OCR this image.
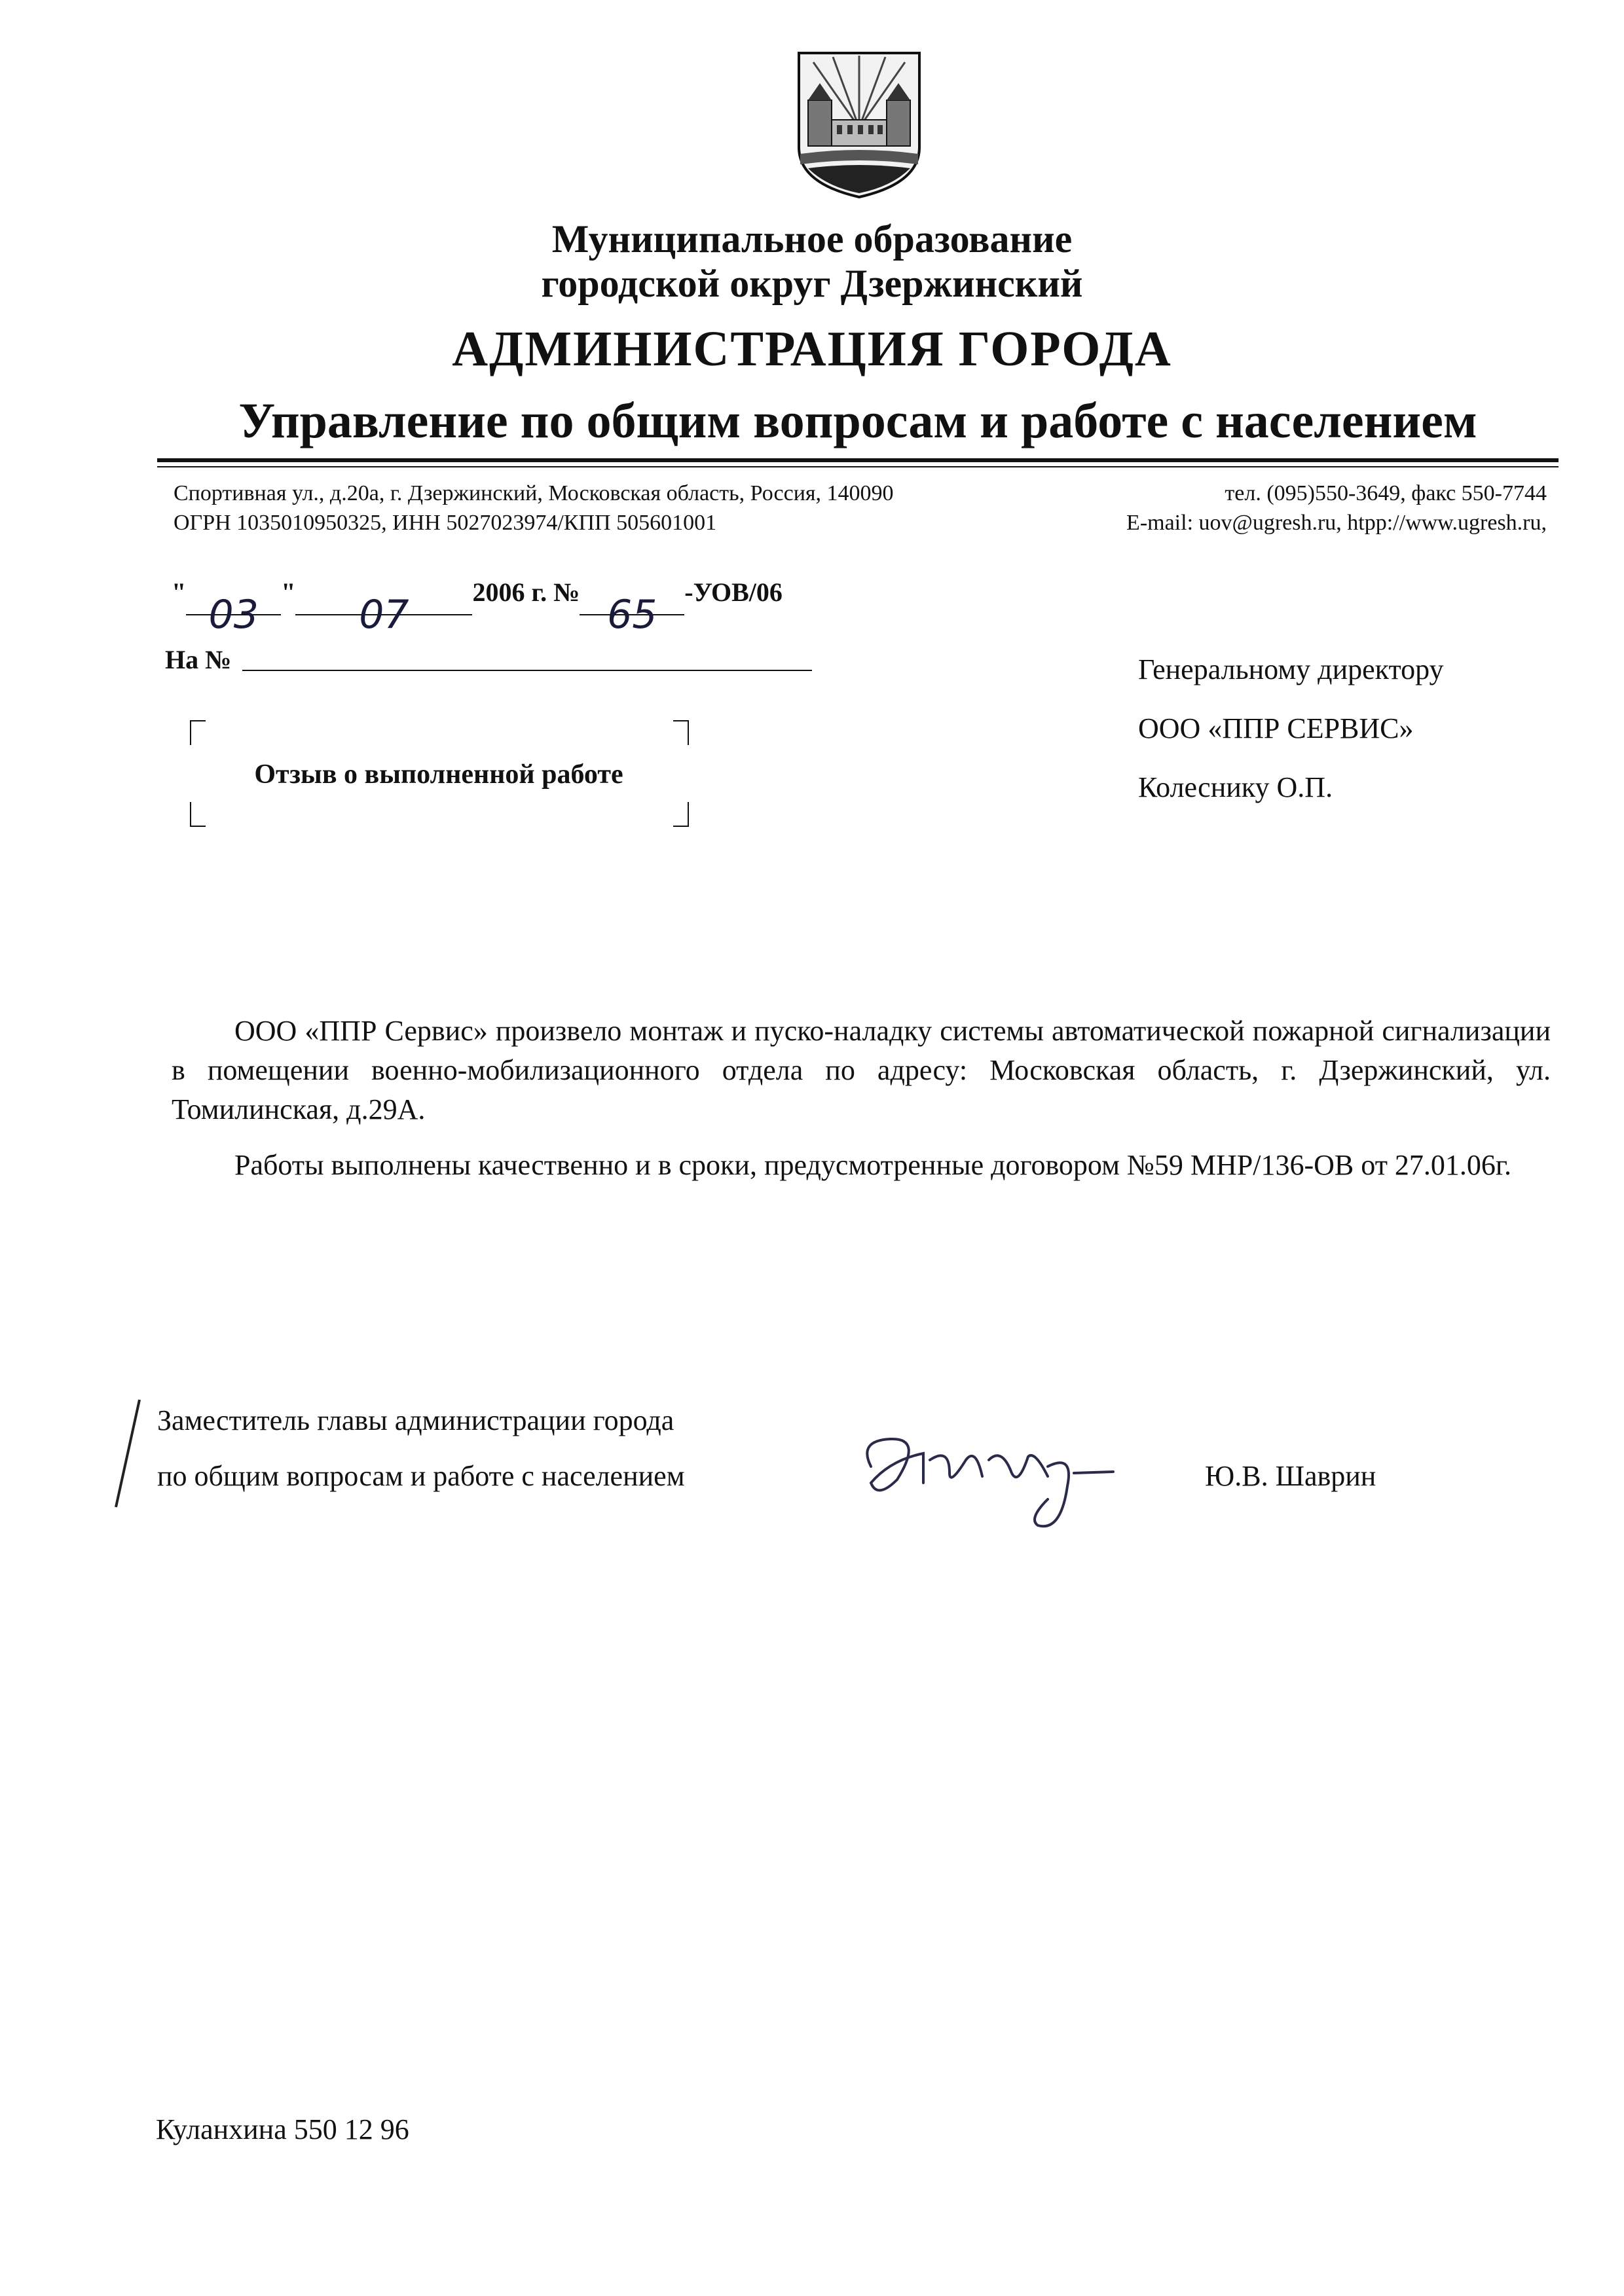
Муниципальное образование
городской округ Дзержинский
АДМИНИСТРАЦИЯ ГОРОДА
Управление по общим вопросам и работе с населением
Спортивная ул., д.20а, г. Дзержинский, Московская область, Россия, 140090
ОГРН 1035010950325, ИНН 5027023974/КПП 505601001
тел. (095)550-3649, факс 550-7744
E-mail: uov@ugresh.ru, htpp://www.ugresh.ru,
" 03 " 07 2006 г. № 65 -УОВ/06
На №
Отзыв о выполненной работе
Генеральному директору
ООО «ППР СЕРВИС»
Колеснику О.П.
ООО «ППР Сервис» произвело монтаж и пуско-наладку системы автоматической пожарной сигнализации в помещении военно-мобилизационного отдела по адресу: Московская область, г. Дзержинский, ул. Томилинская, д.29А.
Работы выполнены качественно и в сроки, предусмотренные договором №59 МНР/136-ОВ от 27.01.06г.
Заместитель главы администрации города
по общим вопросам и работе с населением	Ю.В. Шаврин
Куланхина 550 12 96
